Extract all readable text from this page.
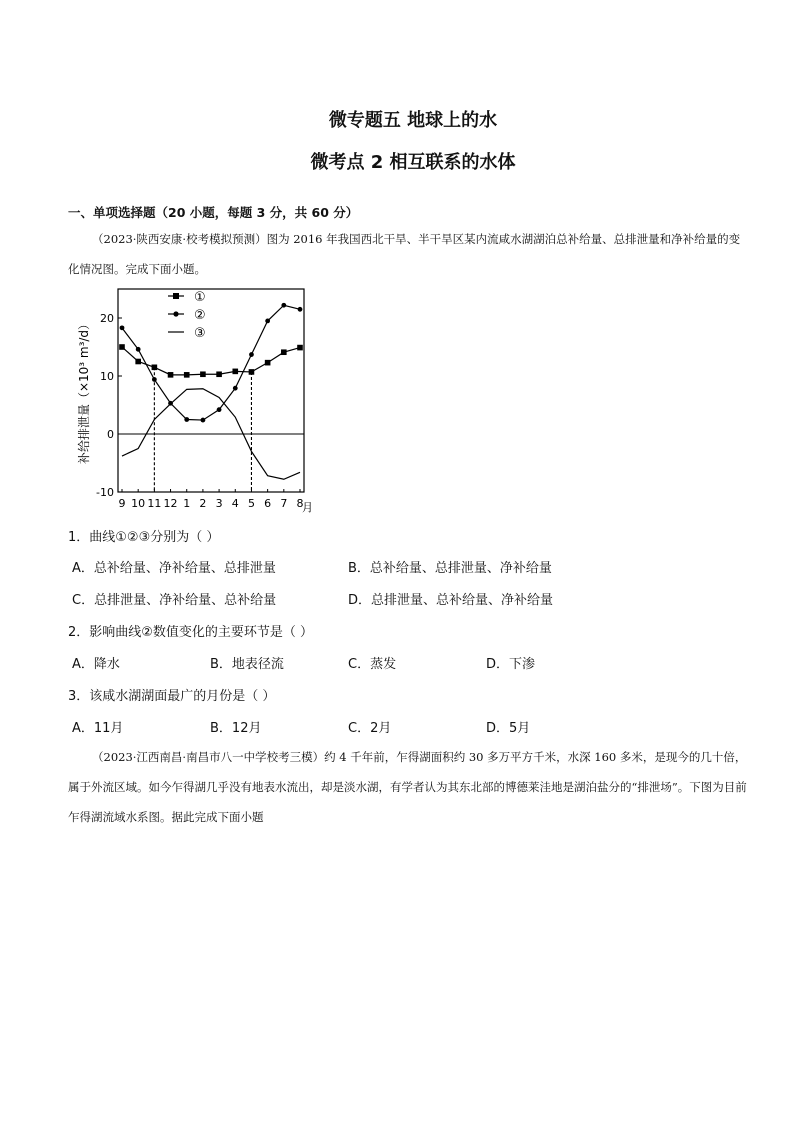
微专题五 地球上的水
微考点 2 相互联系的水体
一、单项选择题（20 小题，每题 3 分，共 60 分）
（2023·陕西安康·校考模拟预测）图为 2016 年我国西北干旱、半干旱区某内流咸水湖湖泊总补给量、总排泄量和净补给量的变化情况图。完成下面小题。
20
10
0
-10
9 10 11 12 1 2 3 4 5 6 7 8
①
②
③
补给排泄量（×10³ m³/d）
月
1．曲线①②③分别为（ ）
A．总补给量、净补给量、总排泄量	B．总补给量、总排泄量、净补给量
C．总排泄量、净补给量、总补给量	D．总排泄量、总补给量、净补给量
2．影响曲线②数值变化的主要环节是（ ）
A．降水	B．地表径流	C．蒸发	D．下渗
3．该咸水湖湖面最广的月份是（ ）
A．11月	B．12月	C．2月	D．5月
（2023·江西南昌·南昌市八一中学校考三模）约 4 千年前，乍得湖面积约 30 多万平方千米，水深 160 多米，是现今的几十倍，属于外流区域。如今乍得湖几乎没有地表水流出，却是淡水湖，有学者认为其东北部的博德莱洼地是湖泊盐分的“排泄场”。下图为目前乍得湖流域水系图。据此完成下面小题
